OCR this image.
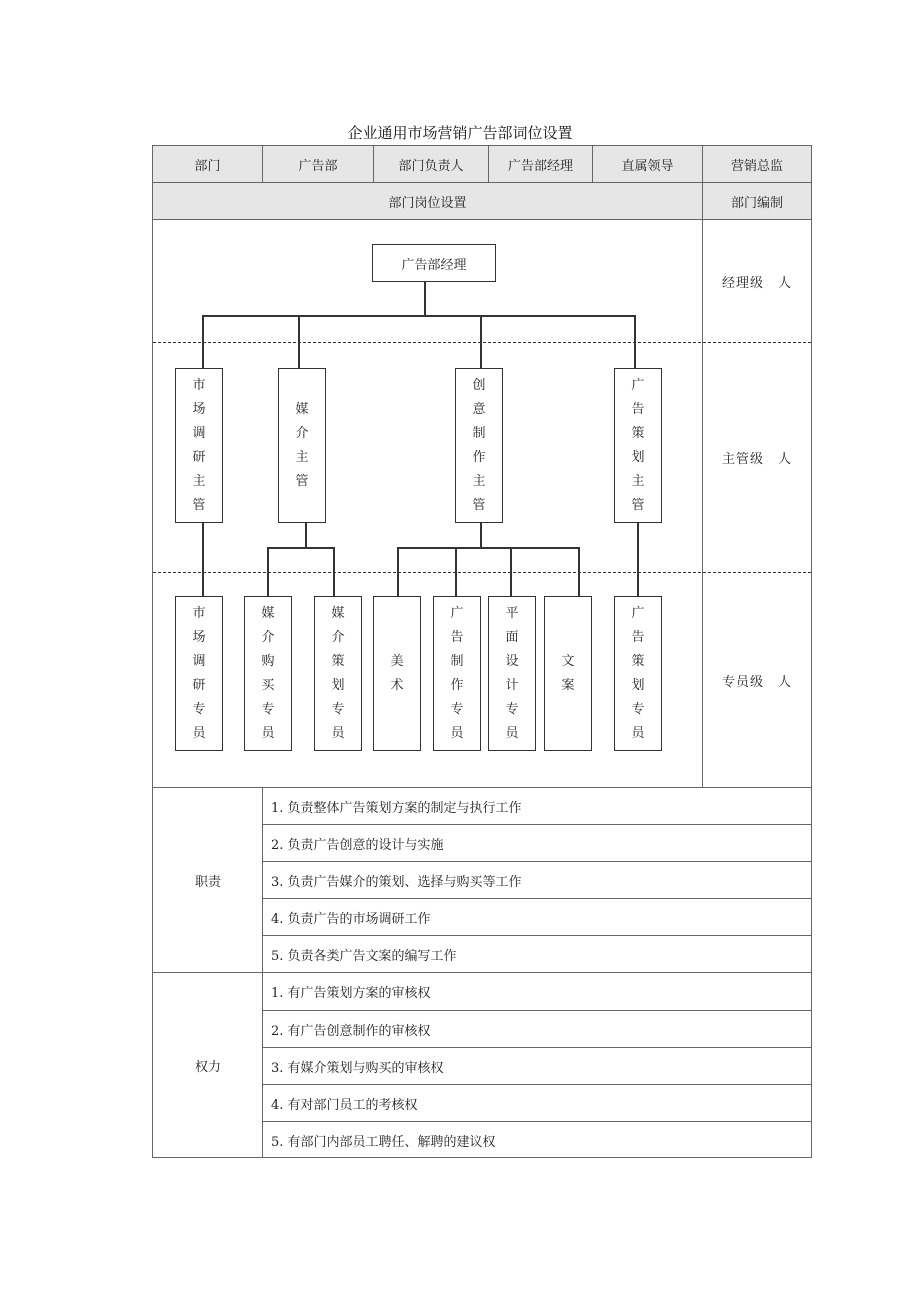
企业通用市场营销广告部词位设置
部门	广告部	部门负责人	广告部经理	直属领导	营销总监
部门岗位设置	部门编制
经理级　人
主管级　人
专员级　人
广告部经理
市场调研主管
媒介主管
创意制作主管
广告策划主管
市场调研专员
媒介购买专员
媒介策划专员
美术
广告制作专员
平面设计专员
文案
广告策划专员
职责
1. 负责整体广告策划方案的制定与执行工作
2. 负责广告创意的设计与实施
3. 负责广告媒介的策划、选择与购买等工作
4. 负责广告的市场调研工作
5. 负责各类广告文案的编写工作
权力
1. 有广告策划方案的审核权
2. 有广告创意制作的审核权
3. 有媒介策划与购买的审核权
4. 有对部门员工的考核权
5. 有部门内部员工聘任、解聘的建议权
